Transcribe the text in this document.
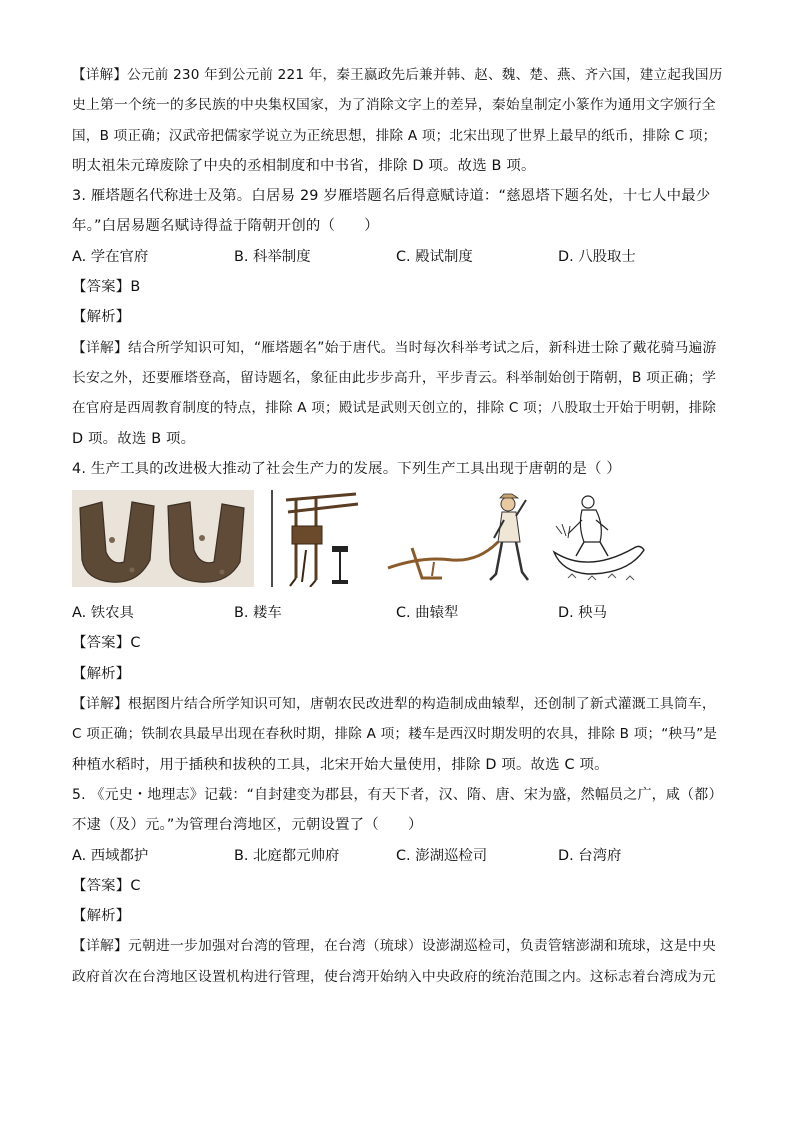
【详解】公元前 230 年到公元前 221 年，秦王嬴政先后兼并韩、赵、魏、楚、燕、齐六国，建立起我国历
史上第一个统一的多民族的中央集权国家，为了消除文字上的差异，秦始皇制定小篆作为通用文字颁行全
国，B 项正确；汉武帝把儒家学说立为正统思想，排除 A 项；北宋出现了世界上最早的纸币，排除 C 项；
明太祖朱元璋废除了中央的丞相制度和中书省，排除 D 项。故选 B 项。
3. 雁塔题名代称进士及第。白居易 29 岁雁塔题名后得意赋诗道：“慈恩塔下题名处，十七人中最少
年。”白居易题名赋诗得益于隋朝开创的（　　）
A. 学在官府	B. 科举制度	C. 殿试制度	D. 八股取士
【答案】B
【解析】
【详解】结合所学知识可知，“雁塔题名”始于唐代。当时每次科举考试之后，新科进士除了戴花骑马遍游
长安之外，还要雁塔登高，留诗题名，象征由此步步高升，平步青云。科举制始创于隋朝，B 项正确；学
在官府是西周教育制度的特点，排除 A 项；殿试是武则天创立的，排除 C 项；八股取士开始于明朝，排除
D 项。故选 B 项。
4. 生产工具的改进极大推动了社会生产力的发展。下列生产工具出现于唐朝的是（ ）
A. 铁农具	B. 耧车	C. 曲辕犁	D. 秧马
【答案】C
【解析】
【详解】根据图片结合所学知识可知，唐朝农民改进犁的构造制成曲辕犁，还创制了新式灌溉工具筒车，
C 项正确；铁制农具最早出现在春秋时期，排除 A 项；耧车是西汉时期发明的农具，排除 B 项；“秧马”是
种植水稻时，用于插秧和拔秧的工具，北宋开始大量使用，排除 D 项。故选 C 项。
5. 《元史・地理志》记载：“自封建变为郡县，有天下者，汉、隋、唐、宋为盛，然幅员之广，咸（都）
不逮（及）元。”为管理台湾地区，元朝设置了（　　）
A. 西域都护	B. 北庭都元帅府	C. 澎湖巡检司	D. 台湾府
【答案】C
【解析】
【详解】元朝进一步加强对台湾的管理，在台湾（琉球）设澎湖巡检司，负责管辖澎湖和琉球，这是中央
政府首次在台湾地区设置机构进行管理，使台湾开始纳入中央政府的统治范围之内。这标志着台湾成为元
